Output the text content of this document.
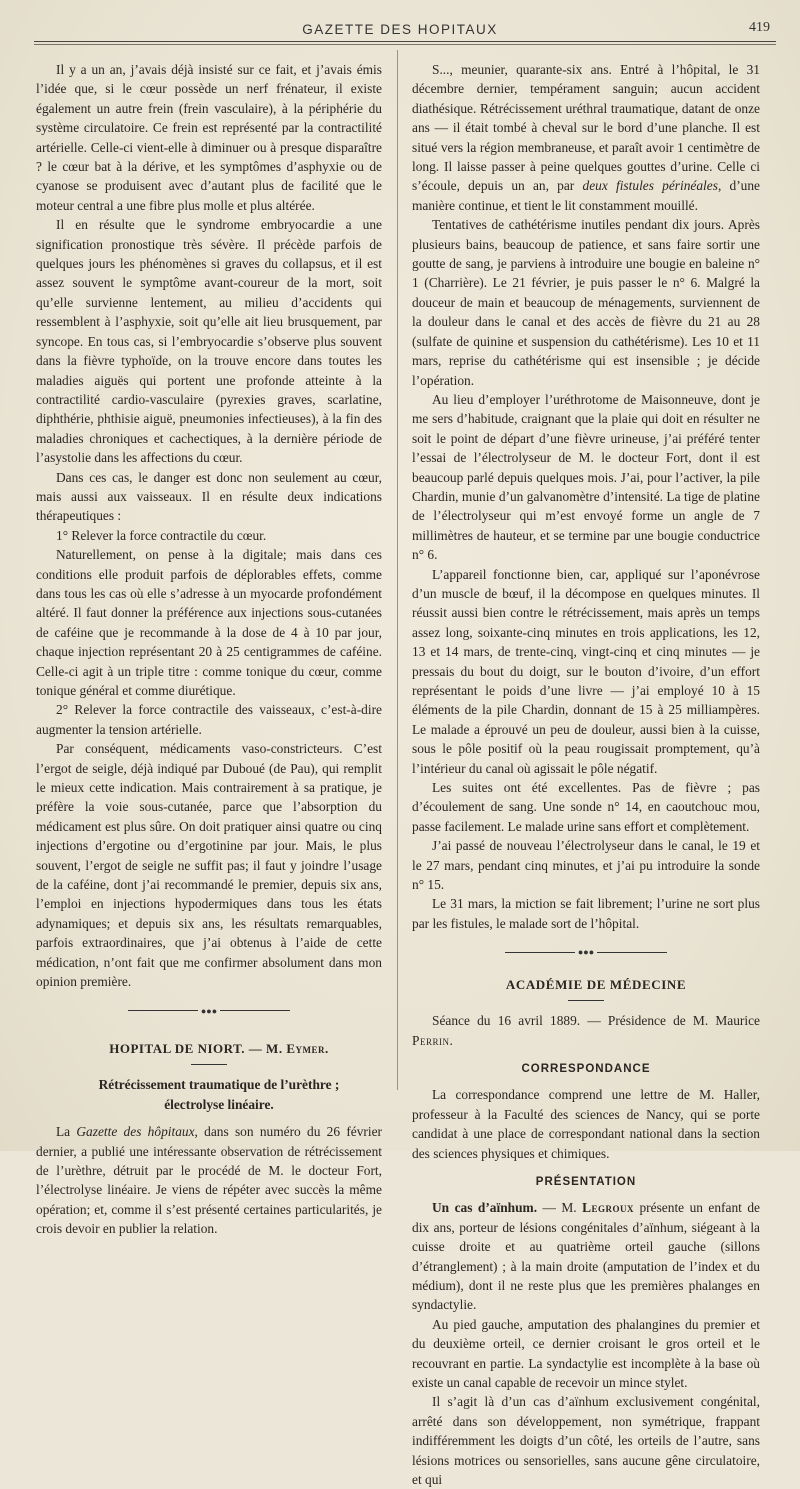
GAZETTE DES HOPITAUX	419

Il y a un an, j’avais déjà insisté sur ce fait, et j’avais émis l’idée que, si le cœur possède un nerf frénateur, il existe également un autre frein (frein vasculaire), à la périphérie du système circulatoire. Ce frein est représenté par la contractilité artérielle. Celle-ci vient-elle à diminuer ou à presque disparaître ? le cœur bat à la dérive, et les symptômes d’asphyxie ou de cyanose se produisent avec d’autant plus de facilité que le moteur central a une fibre plus molle et plus altérée.

Il en résulte que le syndrome embryocardie a une signification pronostique très sévère. Il précède parfois de quelques jours les phénomènes si graves du collapsus, et il est assez souvent le symptôme avant-coureur de la mort, soit qu’elle survienne lentement, au milieu d’accidents qui ressemblent à l’asphyxie, soit qu’elle ait lieu brusquement, par syncope. En tous cas, si l’embryocardie s’observe plus souvent dans la fièvre typhoïde, on la trouve encore dans toutes les maladies aiguës qui portent une profonde atteinte à la contractilité cardio-vasculaire (pyrexies graves, scarlatine, diphthérie, phthisie aiguë, pneumonies infectieuses), à la fin des maladies chroniques et cachectiques, à la dernière période de l’asystolie dans les affections du cœur.

Dans ces cas, le danger est donc non seulement au cœur, mais aussi aux vaisseaux. Il en résulte deux indications thérapeutiques :

1° Relever la force contractile du cœur.

Naturellement, on pense à la digitale; mais dans ces conditions elle produit parfois de déplorables effets, comme dans tous les cas où elle s’adresse à un myocarde profondément altéré. Il faut donner la préférence aux injections sous-cutanées de caféine que je recommande à la dose de 4 à 10 par jour, chaque injection représentant 20 à 25 centigrammes de caféine. Celle-ci agit à un triple titre : comme tonique du cœur, comme tonique général et comme diurétique.

2° Relever la force contractile des vaisseaux, c’est-à-dire augmenter la tension artérielle.

Par conséquent, médicaments vaso-constricteurs. C’est l’ergot de seigle, déjà indiqué par Duboué (de Pau), qui remplit le mieux cette indication. Mais contrairement à sa pratique, je préfère la voie sous-cutanée, parce que l’absorption du médicament est plus sûre. On doit pratiquer ainsi quatre ou cinq injections d’ergotine ou d’ergotinine par jour. Mais, le plus souvent, l’ergot de seigle ne suffit pas; il faut y joindre l’usage de la caféine, dont j’ai recommandé le premier, depuis six ans, l’emploi en injections hypodermiques dans tous les états adynamiques; et depuis six ans, les résultats remarquables, parfois extraordinaires, que j’ai obtenus à l’aide de cette médication, n’ont fait que me confirmer absolument dans mon opinion première.

●●●

HOPITAL DE NIORT. — M. Eymer.

Rétrécissement traumatique de l’urèthre ;

électrolyse linéaire.

La Gazette des hôpitaux, dans son numéro du 26 février dernier, a publié une intéressante observation de rétrécissement de l’urèthre, détruit par le procédé de M. le docteur Fort, l’électrolyse linéaire. Je viens de répéter avec succès la même opération; et, comme il s’est présenté certaines particularités, je crois devoir en publier la relation.

S..., meunier, quarante-six ans. Entré à l’hôpital, le 31 décembre dernier, tempérament sanguin; aucun accident diathésique. Rétrécissement uréthral traumatique, datant de onze ans — il était tombé à cheval sur le bord d’une planche. Il est situé vers la région membraneuse, et paraît avoir 1 centimètre de long. Il laisse passer à peine quelques gouttes d’urine. Celle ci s’écoule, depuis un an, par deux fistules périnéales, d’une manière continue, et tient le lit constamment mouillé.

Tentatives de cathétérisme inutiles pendant dix jours. Après plusieurs bains, beaucoup de patience, et sans faire sortir une goutte de sang, je parviens à introduire une bougie en baleine n° 1 (Charrière). Le 21 février, je puis passer le n° 6. Malgré la douceur de main et beaucoup de ménagements, surviennent de la douleur dans le canal et des accès de fièvre du 21 au 28 (sulfate de quinine et suspension du cathétérisme). Les 10 et 11 mars, reprise du cathétérisme qui est insensible ; je décide l’opération.

Au lieu d’employer l’uréthrotome de Maisonneuve, dont je me sers d’habitude, craignant que la plaie qui doit en résulter ne soit le point de départ d’une fièvre urineuse, j’ai préféré tenter l’essai de l’électrolyseur de M. le docteur Fort, dont il est beaucoup parlé depuis quelques mois. J’ai, pour l’activer, la pile Chardin, munie d’un galvanomètre d’intensité. La tige de platine de l’électrolyseur qui m’est envoyé forme un angle de 7 millimètres de hauteur, et se termine par une bougie conductrice n° 6.

L’appareil fonctionne bien, car, appliqué sur l’aponévrose d’un muscle de bœuf, il la décompose en quelques minutes. Il réussit aussi bien contre le rétrécissement, mais après un temps assez long, soixante-cinq minutes en trois applications, les 12, 13 et 14 mars, de trente-cinq, vingt-cinq et cinq minutes — je pressais du bout du doigt, sur le bouton d’ivoire, d’un effort représentant le poids d’une livre — j’ai employé 10 à 15 éléments de la pile Chardin, donnant de 15 à 25 milliampères. Le malade a éprouvé un peu de douleur, aussi bien à la cuisse, sous le pôle positif où la peau rougissait promptement, qu’à l’intérieur du canal où agissait le pôle négatif.

Les suites ont été excellentes. Pas de fièvre ; pas d’écoulement de sang. Une sonde n° 14, en caoutchouc mou, passe facilement. Le malade urine sans effort et complètement.

J’ai passé de nouveau l’électrolyseur dans le canal, le 19 et le 27 mars, pendant cinq minutes, et j’ai pu introduire la sonde n° 15.

Le 31 mars, la miction se fait librement; l’urine ne sort plus par les fistules, le malade sort de l’hôpital.

●●●

ACADÉMIE DE MÉDECINE

Séance du 16 avril 1889. — Présidence de M. Maurice Perrin.

CORRESPONDANCE

La correspondance comprend une lettre de M. Haller, professeur à la Faculté des sciences de Nancy, qui se porte candidat à une place de correspondant national dans la section des sciences physiques et chimiques.

PRÉSENTATION

Un cas d’aïnhum. — M. Legroux présente un enfant de dix ans, porteur de lésions congénitales d’aïnhum, siégeant à la cuisse droite et au quatrième orteil gauche (sillons d’étranglement) ; à la main droite (amputation de l’index et du médium), dont il ne reste plus que les premières phalanges en syndactylie.

Au pied gauche, amputation des phalangines du premier et du deuxième orteil, ce dernier croisant le gros orteil et le recouvrant en partie. La syndactylie est incomplète à la base où existe un canal capable de recevoir un mince stylet.

Il s’agit là d’un cas d’aïnhum exclusivement congénital, arrêté dans son développement, non symétrique, frappant indifféremment les doigts d’un côté, les orteils de l’autre, sans lésions motrices ou sensorielles, sans aucune gêne circulatoire, et qui
